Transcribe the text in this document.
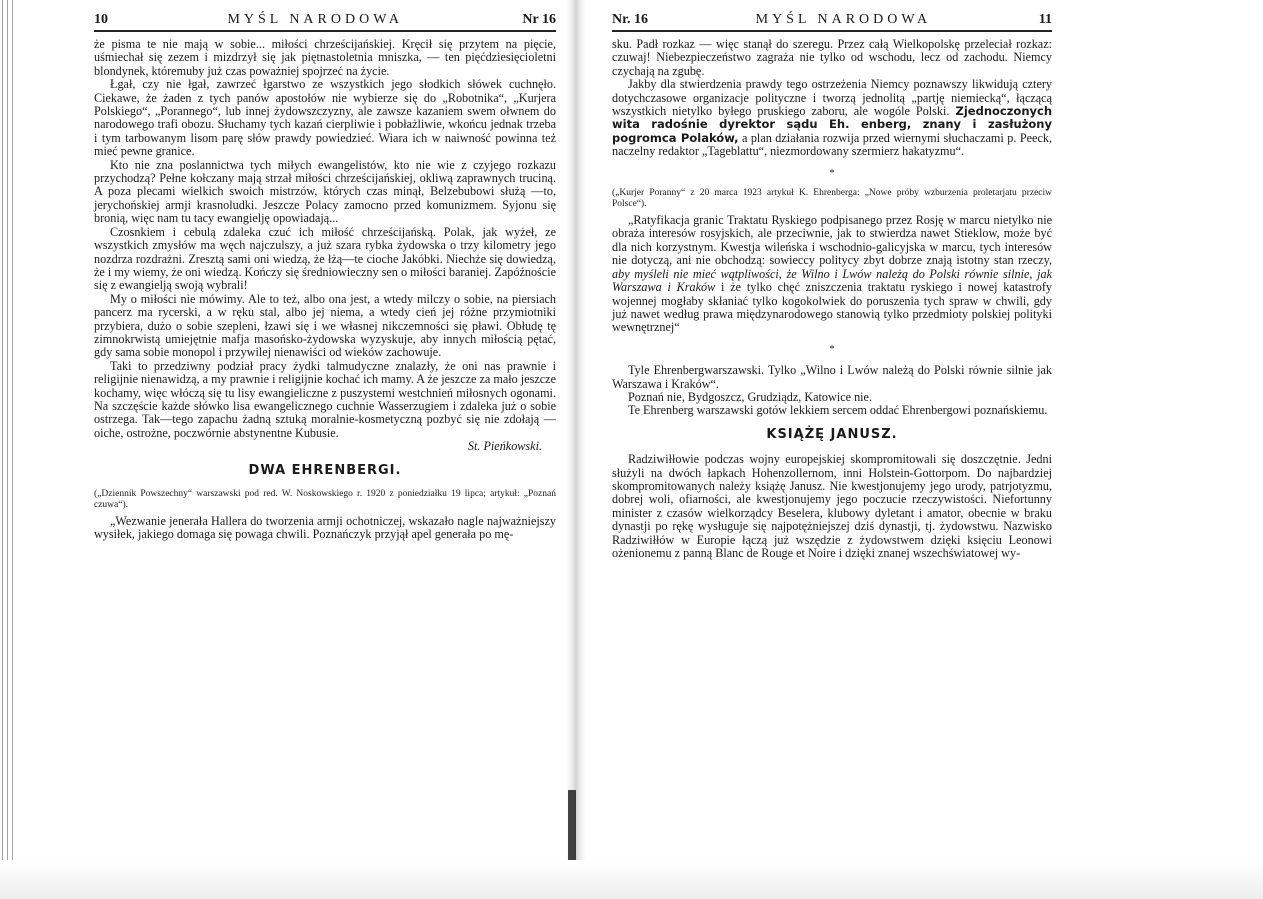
10	MYŚL NARODOWA	Nr 16

że pisma te nie mają w sobie... miłości chrześcijańskiej. Kręcił się przytem na pięcie, uśmiechał się zezem i mizdrzył się jak piętnastoletnia mniszka, — ten pięćdziesięcioletni blondynek, któremuby już czas poważniej spojrzeć na życie.

Łgał, czy nie łgał, zawrzeć łgarstwo ze wszystkich jego słodkich słówek cuchnęło. Ciekawe, że żaden z tych panów apostołów nie wybierze się do „Robotnika“, „Kurjera Polskiego“, „Porannego“, lub innej żydowszczyzny, ale zawsze kazaniem swem ołwnem do narodowego trafi obozu. Słuchamy tych kazań cierpliwie i pobłażliwie, wkońcu jednak trzeba i tym tarbowanym lisom parę słów prawdy powiedzieć. Wiara ich w naiwność powinna też mieć pewne granice.

Kto nie zna poslannictwa tych miłych ewangelistów, kto nie wie z czyjego rozkazu przychodzą? Pełne kołczany mają strzał miłości chrześcijańskiej, okliwą zaprawnych truciną. A poza plecami wielkich swoich mistrzów, których czas minął, Belzebubowi służą —to, jerychońskiej armji krasnoludki. Jeszcze Polacy zamocno przed komunizmem. Syjonu się bronią, więc nam tu tacy ewangielję opowiadają...

Czosnkiem i cebulą zdaleka czuć ich miłość chrześcijańską. Polak, jak wyżeł, ze wszystkich zmysłów ma węch najczulszy, a już szara rybka żydowska o trzy kilometry jego nozdrza rozdrażni. Zresztą sami oni wiedzą, że łżą—te cioche Jakóbki. Niechże się dowiedzą, że i my wiemy, że oni wiedzą. Kończy się średniowieczny sen o miłości baraniej. Zapóźnoście się z ewangielją swoją wybrali!

My o miłości nie mówimy. Ale to też, albo ona jest, a wtedy milczy o sobie, na piersiach pancerz ma rycerski, a w ręku stal, albo jej niema, a wtedy cień jej różne przymiotniki przybiera, dużo o sobie szepleni, łzawi się i we własnej nikczemności się pławi. Obłudę tę zimnokrwistą umiejętnie mafja masońsko-żydowska wyzyskuje, aby innych miłością pętać, gdy sama sobie monopol i przywilej nienawiści od wieków zachowuje.

Taki to przedziwny podział pracy żydki talmudyczne znalazły, że oni nas prawnie i religijnie nienawidzą, a my prawnie i religijnie kochać ich mamy. A że jeszcze za mało jeszcze kochamy, więc włóczą się tu lisy ewangieliczne z puszystemi westchnień miłosnych ogonami. Na szczęście każde słówko lisa ewangelicznego cuchnie Wasserzugiem i zdaleka już o sobie ostrzega. Tak—tego zapachu żadną sztuką moralnie-kosmetyczną pozbyć się nie zdołają — oiche, ostrożne, poczwórnie abstynentne Kubusie.

St. Pieńkowski.
DWA EHRENBERGI.
(„Dziennik Powszechny“ warszawski pod red. W. Noskowskiego r. 1920 z poniedziałku 19 lipca; artykuł: „Poznań czuwa“).

„Wezwanie jenerała Hallera do tworzenia armji ochotniczej, wskazało nagle najważniejszy wysiłek, jakiego domaga się powaga chwili. Poznańczyk przyjął apel generała po mę-

Nr. 16	MYŚL NARODOWA	11

sku. Padł rozkaz — więc stanął do szeregu. Przez całą Wielkopolskę przeleciał rozkaz: czuwaj! Niebezpieczeństwo zagraża nie tylko od wschodu, lecz od zachodu. Niemcy czychają na zgubę.

Jakby dla stwierdzenia prawdy tego ostrzeżenia Niemcy poznawszy likwidują cztery dotychczasowe organizacje polityczne i tworzą jednolitą „partję niemiecką“, łączącą wszystkich nietylko byłego pruskiego zaboru, ale wogóle Polski. Zjednoczonych wita radośnie dyrektor sądu Eh. enberg, znany i zasłużony pogromca Polaków, a plan działania rozwija przed wiernymi słuchaczami p. Peeck, naczelny redaktor „Tageblattu“, niezmordowany szermierz hakatyzmu“.

*
(„Kurjer Poranny“ z 20 marca 1923 artykuł K. Ehrenberga: „Nowe próby wzburzenia proletarjatu przeciw Polsce“).

„Ratyfikacja granic Traktatu Ryskiego podpisanego przez Rosję w marcu nietylko nie obraża interesów rosyjskich, ale przeciwnie, jak to stwierdza nawet Stieklow, może być dla nich korzystnym. Kwestja wileńska i wschodnio-galicyjska w marcu, tych interesów nie dotyczą, ani nie obchodzą: sowieccy politycy zbyt dobrze znają istotny stan rzeczy, aby myśleli nie mieć wątpliwości, że Wilno i Lwów należą do Polski równie silnie, jak Warszawa i Kraków i że tylko chęć zniszczenia traktatu ryskiego i nowej katastrofy wojennej mogłaby skłaniać tylko kogokolwiek do poruszenia tych spraw w chwili, gdy już nawet według prawa międzynarodowego stanowią tylko przedmioty polskiej polityki wewnętrznej“

*

Tyle Ehrenbergwarszawski. Tylko „Wilno i Lwów należą do Polski równie silnie jak Warszawa i Kraków“.

Poznań nie, Bydgoszcz, Grudziądz, Katowice nie.

Te Ehrenberg warszawski gotów lekkiem sercem oddać Ehrenbergowi poznańskiemu.

KSIĄŻĘ JANUSZ.

Radziwiłłowie podczas wojny europejskiej skompromitowali się doszczętnie. Jedni służyli na dwóch łapkach Hohenzollernom, inni Holstein-Gottorpom. Do najbardziej skompromitowanych należy książę Janusz. Nie kwestjonujemy jego urody, patrjotyzmu, dobrej woli, ofiarności, ale kwestjonujemy jego poczucie rzeczywistości. Niefortunny minister z czasów wielkorządcy Beselera, klubowy dyletant i amator, obecnie w braku dynastji po rękę wysługuje się najpotężniejszej dziś dynastji, tj. żydowstwu. Nazwisko Radziwiłłów w Europie łączą już wszędzie z żydowstwem dzięki księciu Leonowi ożenionemu z panną Blanc de Rouge et Noire i dzięki znanej wszechświatowej wy-
